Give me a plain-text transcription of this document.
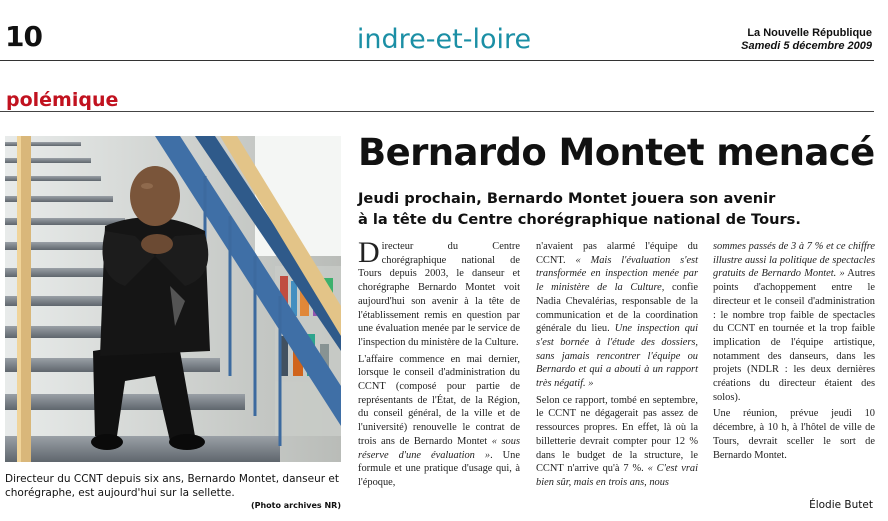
10	indre-et-loire	La Nouvelle République
Samedi 5 décembre 2009
polémique
Directeur du CCNT depuis six ans, Bernardo Montet, danseur et chorégraphe, est aujourd'hui sur la sellette.
(Photo archives NR)
Bernardo Montet menacé
Jeudi prochain, Bernardo Montet jouera son avenir
à la tête du Centre chorégraphique national de Tours.

Directeur du Centre chorégraphique national de Tours depuis 2003, le danseur et chorégraphe Bernardo Montet voit aujourd'hui son avenir à la tête de l'établissement remis en question par une évaluation menée par le service de l'inspection du ministère de la Culture.

L'affaire commence en mai dernier, lorsque le conseil d'administration du CCNT (composé pour partie de représentants de l'État, de la Région, du conseil général, de la ville et de l'université) renouvelle le contrat de trois ans de Bernardo Montet « sous réserve d'une évaluation ». Une formule et une pratique d'usage qui, à l'époque,

n'avaient pas alarmé l'équipe du CCNT. « Mais l'évaluation s'est transformée en inspection menée par le ministère de la Culture, confie Nadia Chevalérias, responsable de la communication et de la coordination générale du lieu. Une inspection qui s'est bornée à l'étude des dossiers, sans jamais rencontrer l'équipe ou Bernardo et qui a abouti à un rapport très négatif. »

Selon ce rapport, tombé en septembre, le CCNT ne dégagerait pas assez de ressources propres. En effet, là où la billetterie devrait compter pour 12 % dans le budget de la structure, le CCNT n'arrive qu'à 7 %. « C'est vrai bien sûr, mais en trois ans, nous

sommes passés de 3 à 7 % et ce chiffre illustre aussi la politique de spectacles gratuits de Bernardo Montet. » Autres points d'achoppement entre le directeur et le conseil d'administration : le nombre trop faible de spectacles du CCNT en tournée et la trop faible implication de l'équipe artistique, notamment des danseurs, dans les projets (NDLR : les deux dernières créations du directeur étaient des solos).

Une réunion, prévue jeudi 10 décembre, à 10 h, à l'hôtel de ville de Tours, devrait sceller le sort de Bernardo Montet.

Élodie Butet
